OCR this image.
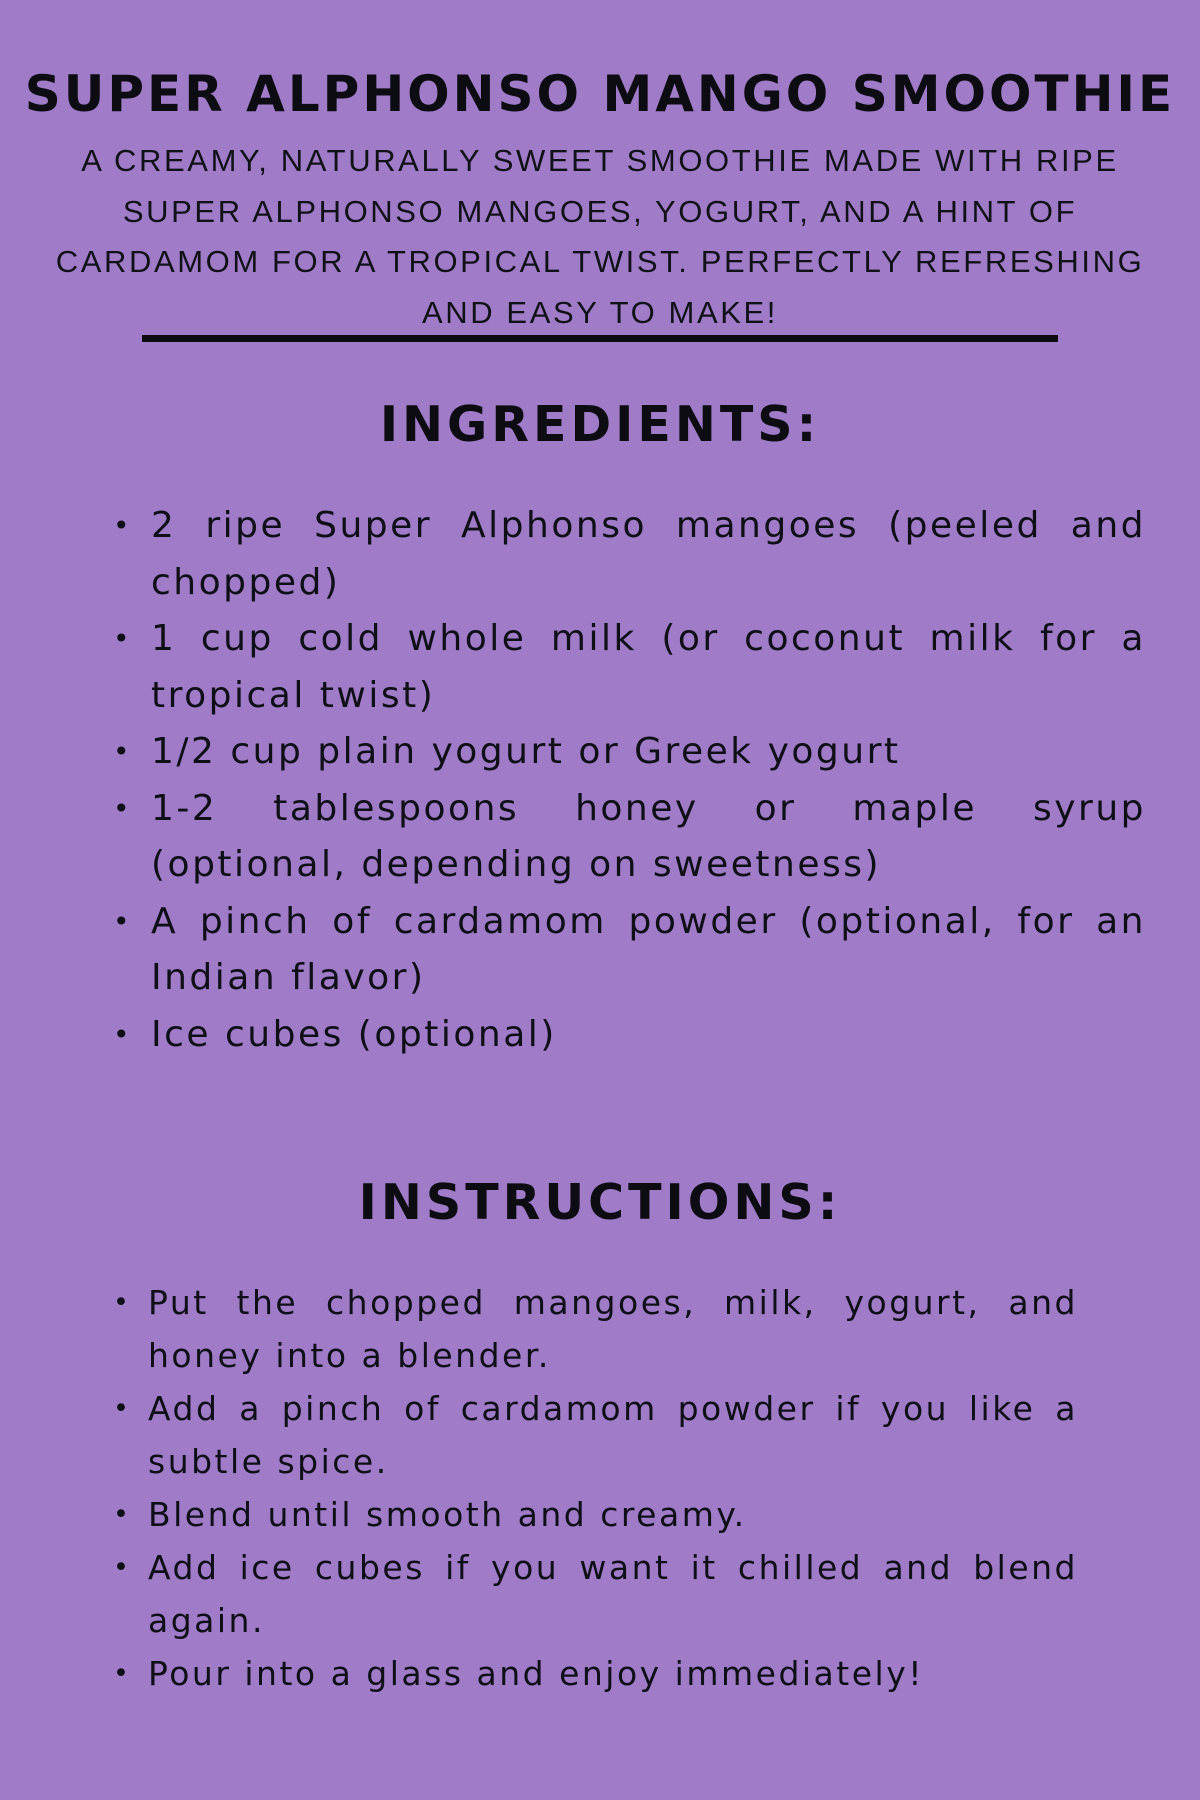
SUPER ALPHONSO MANGO SMOOTHIE

A CREAMY, NATURALLY SWEET SMOOTHIE MADE WITH RIPE SUPER ALPHONSO MANGOES, YOGURT, AND A HINT OF CARDAMOM FOR A TROPICAL TWIST. PERFECTLY REFRESHING AND EASY TO MAKE!

INGREDIENTS:
• 2 ripe Super Alphonso mangoes (peeled and chopped)
• 1 cup cold whole milk (or coconut milk for a tropical twist)
• 1/2 cup plain yogurt or Greek yogurt
• 1-2 tablespoons honey or maple syrup (optional, depending on sweetness)
• A pinch of cardamom powder (optional, for an Indian flavor)
• Ice cubes (optional)
INSTRUCTIONS:
• Put the chopped mangoes, milk, yogurt, and honey into a blender.
• Add a pinch of cardamom powder if you like a subtle spice.
• Blend until smooth and creamy.
• Add ice cubes if you want it chilled and blend again.
• Pour into a glass and enjoy immediately!
